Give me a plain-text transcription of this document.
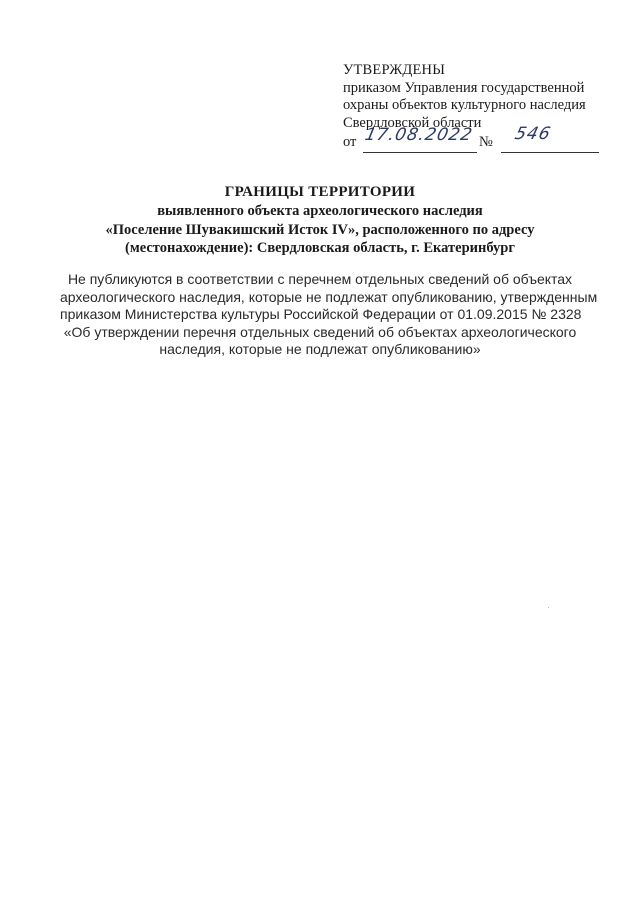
УТВЕРЖДЕНЫ
приказом Управления государственной
охраны объектов культурного наследия
Свердловской области
от 17.08.2022 № 546
ГРАНИЦЫ ТЕРРИТОРИИ
выявленного объекта археологического наследия
«Поселение Шувакишский Исток IV», расположенного по адресу
(местонахождение): Свердловская область, г. Екатеринбург
Не публикуются в соответствии с перечнем отдельных сведений об объектах
археологического наследия, которые не подлежат опубликованию, утвержденным
приказом Министерства культуры Российской Федерации от 01.09.2015 № 2328
«Об утверждении перечня отдельных сведений об объектах археологического
наследия, которые не подлежат опубликованию»
